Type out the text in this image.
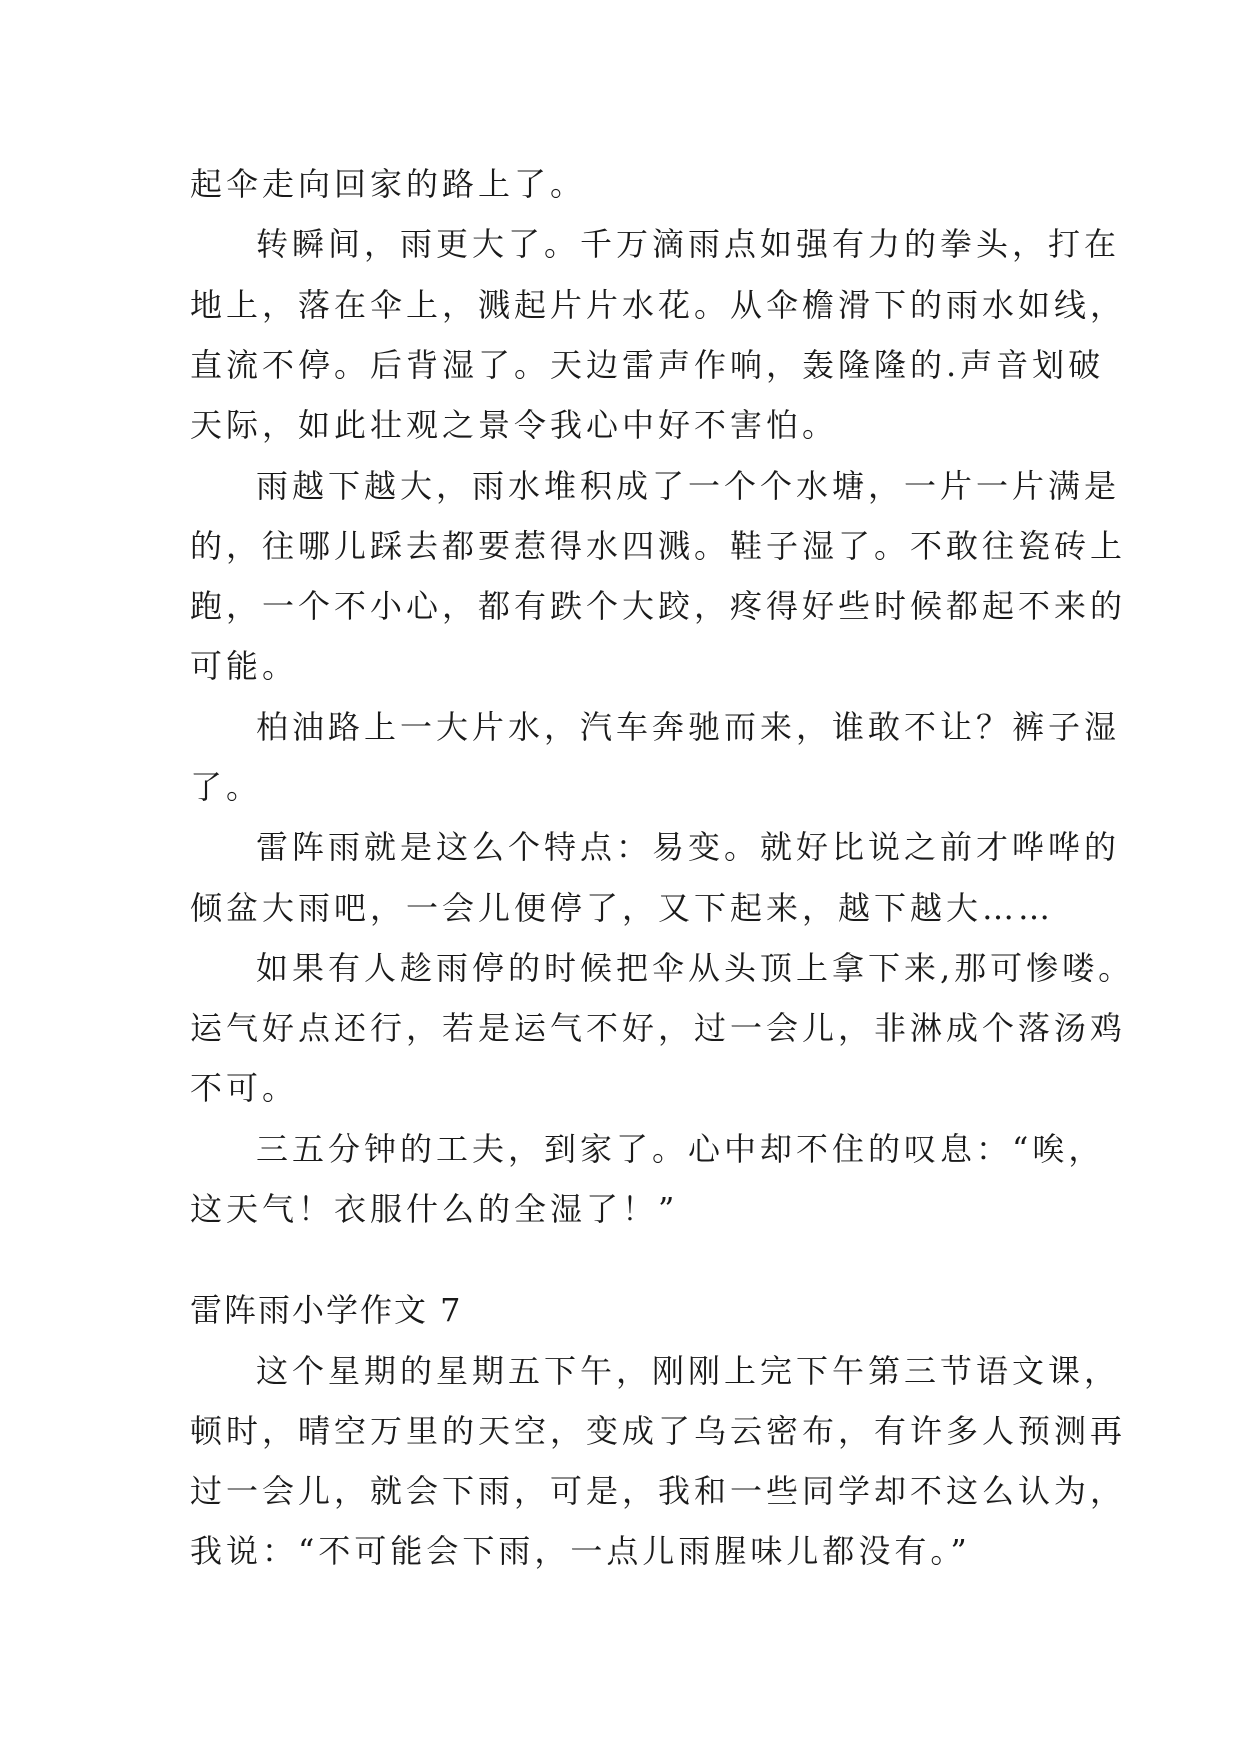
起伞走向回家的路上了。
转瞬间，雨更大了。千万滴雨点如强有力的拳头，打在
地上，落在伞上，溅起片片水花。从伞檐滑下的雨水如线，
直流不停。后背湿了。天边雷声作响，轰隆隆的.声音划破
天际，如此壮观之景令我心中好不害怕。
雨越下越大，雨水堆积成了一个个水塘，一片一片满是
的，往哪儿踩去都要惹得水四溅。鞋子湿了。不敢往瓷砖上
跑，一个不小心，都有跌个大跤，疼得好些时候都起不来的
可能。
柏油路上一大片水，汽车奔驰而来，谁敢不让？裤子湿
了。
雷阵雨就是这么个特点：易变。就好比说之前才哗哗的
倾盆大雨吧，一会儿便停了，又下起来，越下越大……
如果有人趁雨停的时候把伞从头顶上拿下来,那可惨喽。
运气好点还行，若是运气不好，过一会儿，非淋成个落汤鸡
不可。
三五分钟的工夫，到家了。心中却不住的叹息：“唉，
这天气！衣服什么的全湿了！”
雷阵雨小学作文 7
这个星期的星期五下午，刚刚上完下午第三节语文课，
顿时，晴空万里的天空，变成了乌云密布，有许多人预测再
过一会儿，就会下雨，可是，我和一些同学却不这么认为，
我说：“不可能会下雨，一点儿雨腥味儿都没有。”
